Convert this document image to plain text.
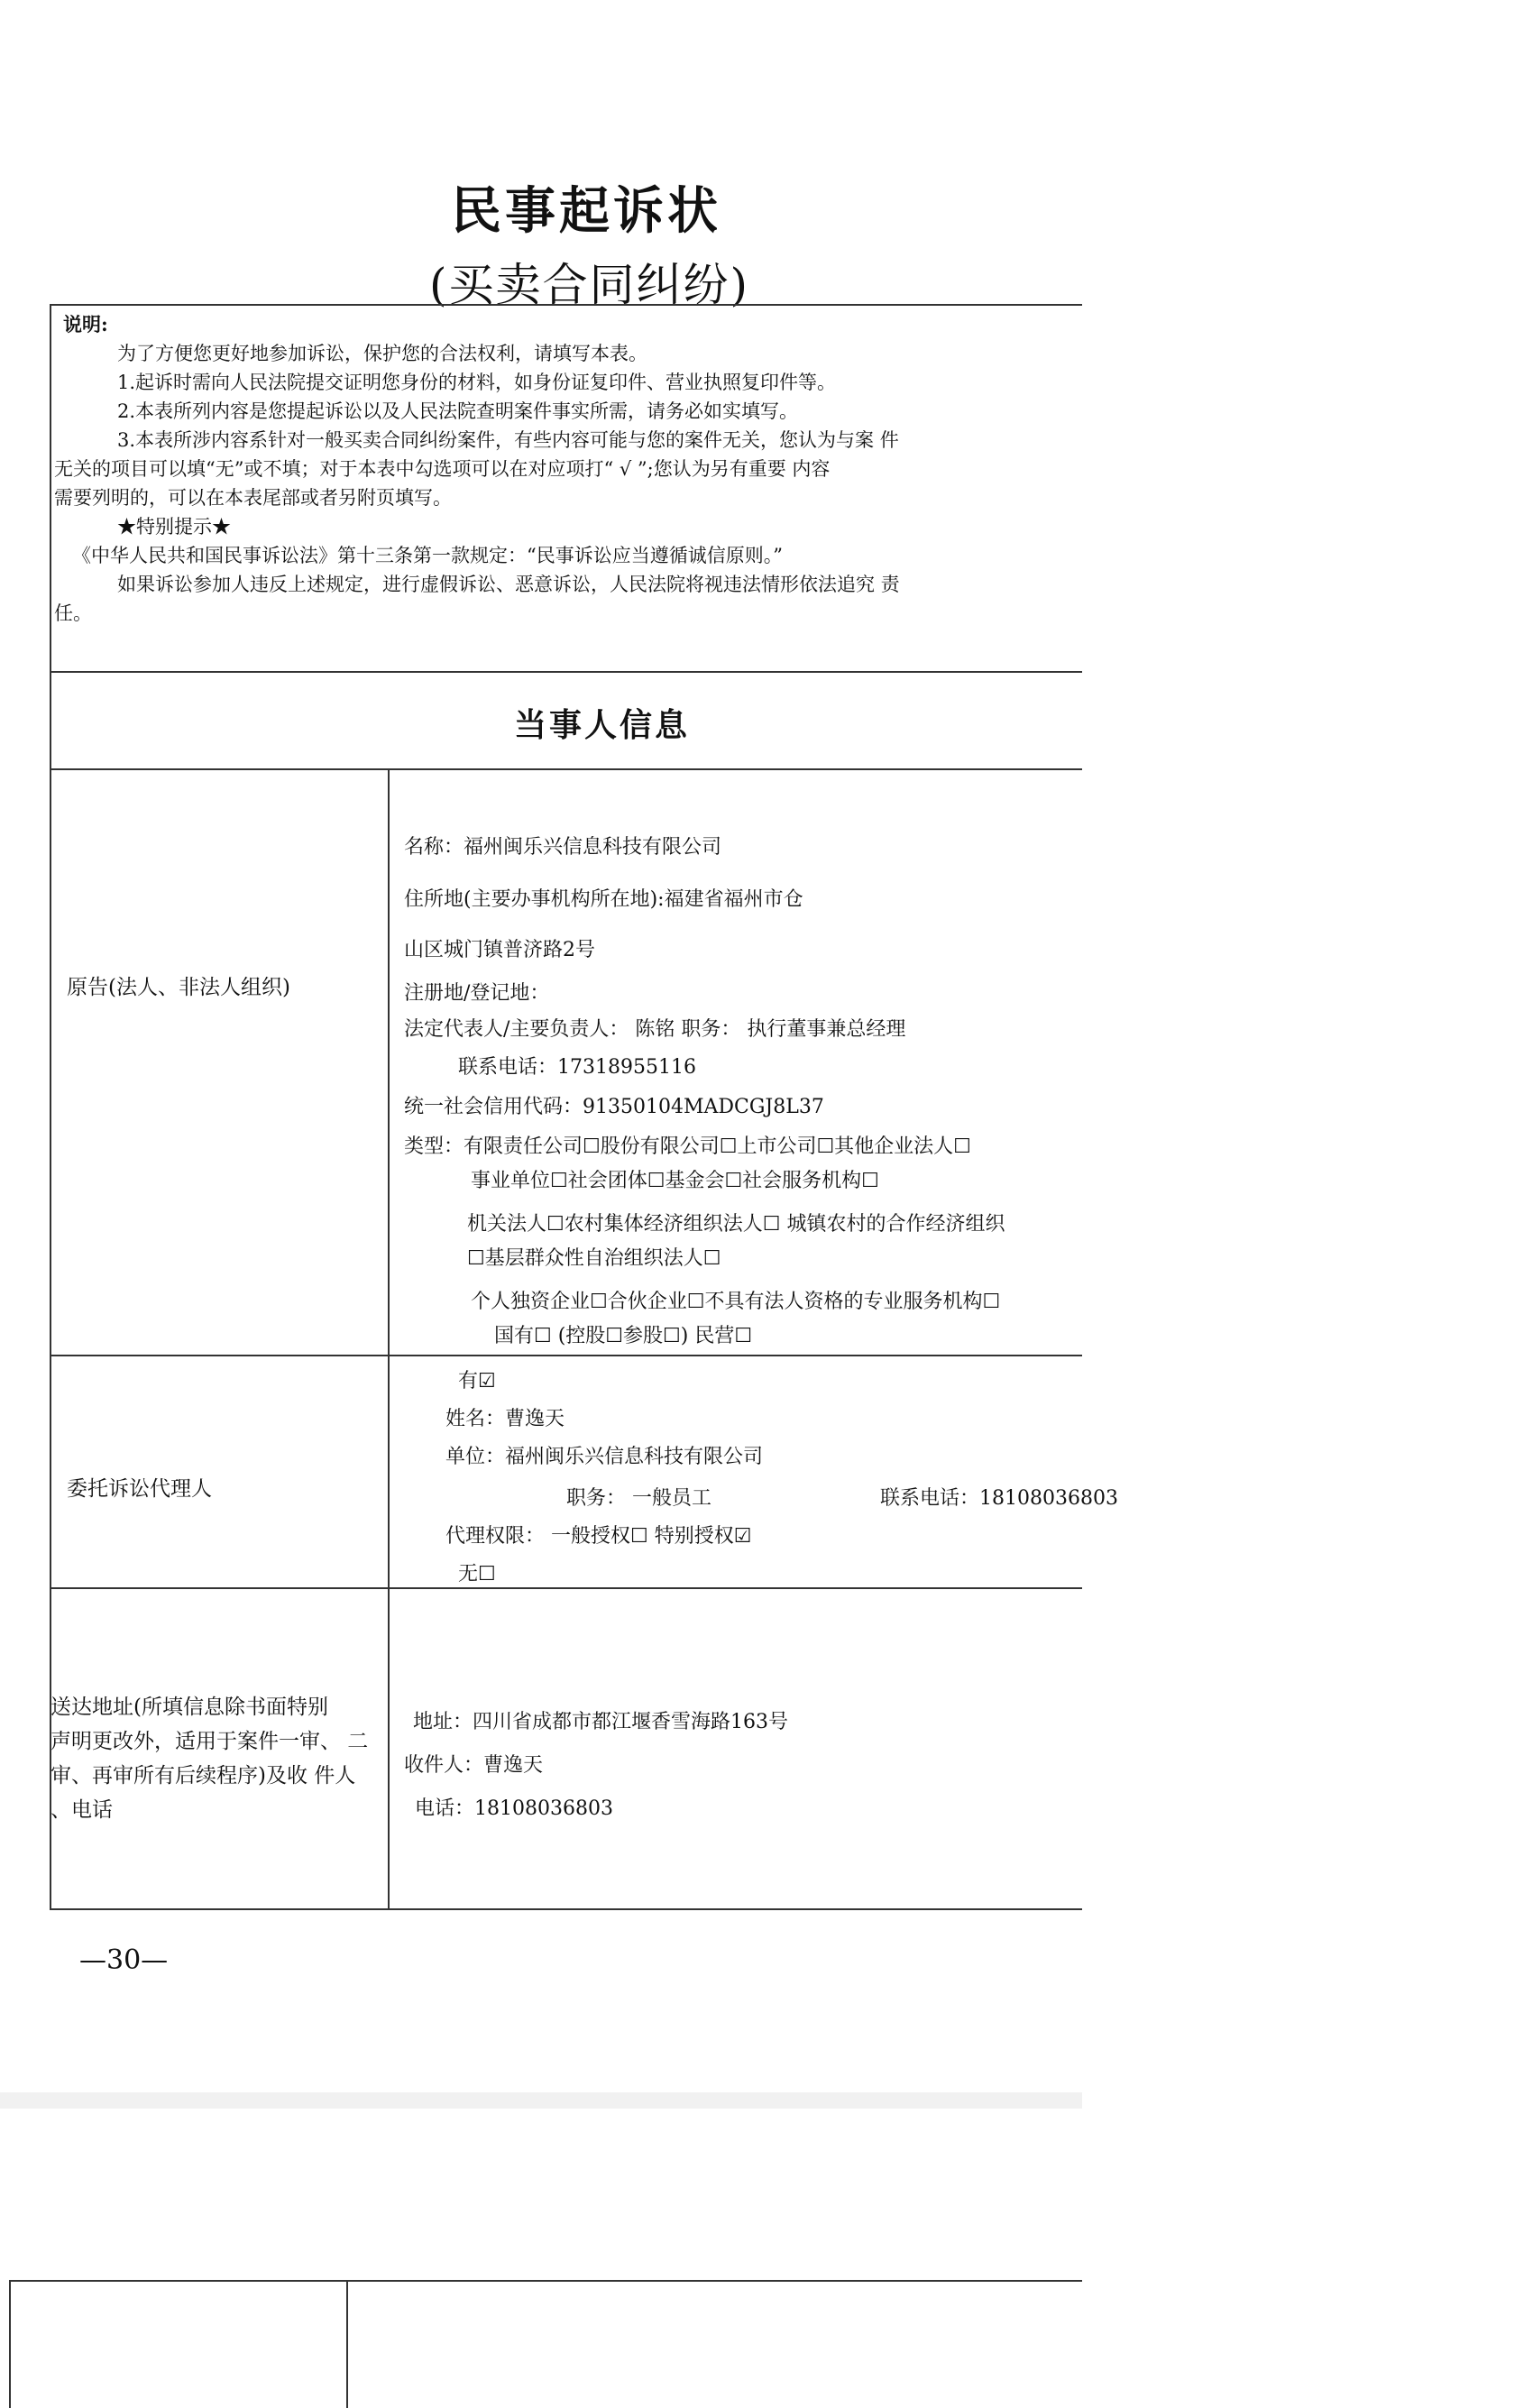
民事起诉状
(买卖合同纠纷)

说明:

为了方便您更好地参加诉讼，保护您的合法权利，请填写本表。

1.起诉时需向人民法院提交证明您身份的材料，如身份证复印件、营业执照复印件等。

2.本表所列内容是您提起诉讼以及人民法院查明案件事实所需，请务必如实填写。

3.本表所涉内容系针对一般买卖合同纠纷案件，有些内容可能与您的案件无关，您认为与案 件

无关的项目可以填“无”或不填；对于本表中勾选项可以在对应项打“ √ ”;您认为另有重要 内容

需要列明的，可以在本表尾部或者另附页填写。

★特别提示★

《中华人民共和国民事诉讼法》第十三条第一款规定：“民事诉讼应当遵循诚信原则。”

如果诉讼参加人违反上述规定，进行虚假诉讼、恶意诉讼，人民法院将视违法情形依法追究 责

任。

当事人信息
原告(法人、非法人组织)
名称：福州闽乐兴信息科技有限公司
住所地(主要办事机构所在地):福建省福州市仓
山区城门镇普济路2号
注册地/登记地：
法定代表人/主要负责人： 陈铭 职务： 执行董事兼总经理
联系电话：17318955116
统一社会信用代码：91350104MADCGJ8L37
类型：有限责任公司☐股份有限公司☐上市公司☐其他企业法人☐
事业单位☐社会团体☐基金会☐社会服务机构☐
机关法人☐农村集体经济组织法人☐ 城镇农村的合作经济组织
☐基层群众性自治组织法人☐
个人独资企业☐合伙企业☐不具有法人资格的专业服务机构☐
国有☐ (控股☐参股☐) 民营☐
委托诉讼代理人
有☑
姓名：曹逸天
单位：福州闽乐兴信息科技有限公司
职务： 一般员工	联系电话：18108036803
代理权限： 一般授权☐ 特别授权☑
无☐
送达地址(所填信息除书面特别
声明更改外，适用于案件一审、 二
审、再审所有后续程序)及收 件人
、电话
地址：四川省成都市都江堰香雪海路163号
收件人：曹逸天
电话：18108036803
—30—
